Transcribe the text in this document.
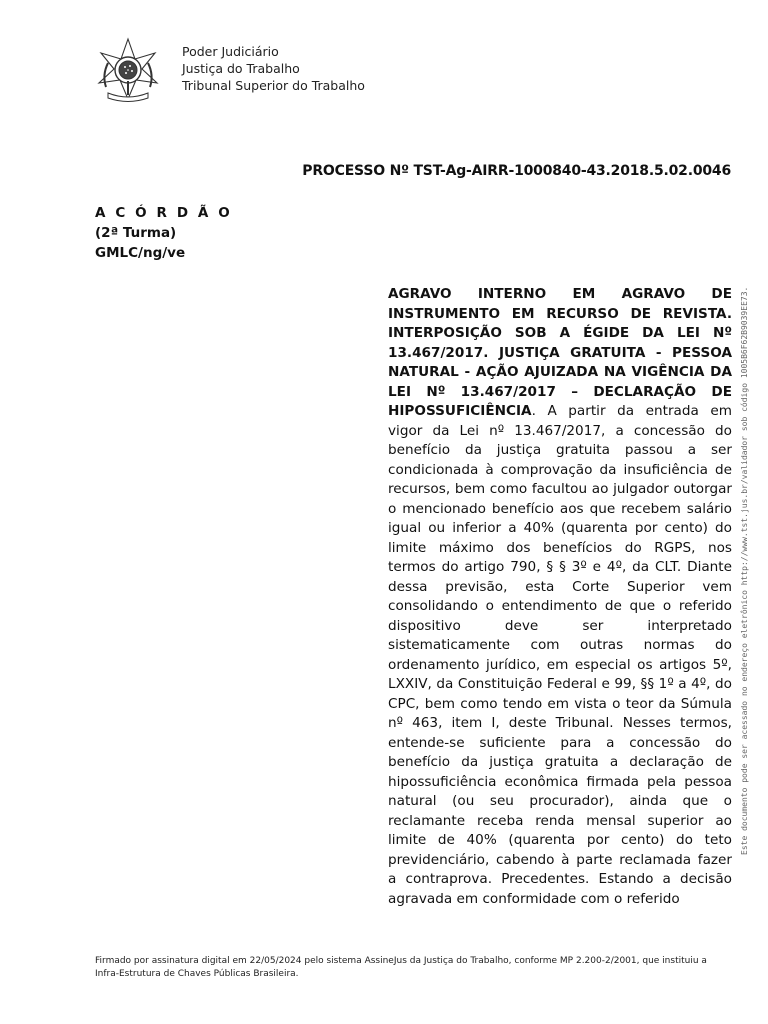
Poder Judiciário
Justiça do Trabalho
Tribunal Superior do Trabalho
PROCESSO Nº TST-Ag-AIRR-1000840-43.2018.5.02.0046
A C Ó R D Ã O
(2ª Turma)
GMLC/ng/ve
AGRAVO INTERNO EM AGRAVO DE INSTRUMENTO EM RECURSO DE REVISTA. INTERPOSIÇÃO SOB A ÉGIDE DA LEI Nº 13.467/2017. JUSTIÇA GRATUITA - PESSOA NATURAL - AÇÃO AJUIZADA NA VIGÊNCIA DA LEI Nº 13.467/2017 – DECLARAÇÃO DE HIPOSSUFICIÊNCIA. A partir da entrada em vigor da Lei nº 13.467/2017, a concessão do benefício da justiça gratuita passou a ser condicionada à comprovação da insuficiência de recursos, bem como facultou ao julgador outorgar o mencionado benefício aos que recebem salário igual ou inferior a 40% (quarenta por cento) do limite máximo dos benefícios do RGPS, nos termos do artigo 790, § § 3º e 4º, da CLT. Diante dessa previsão, esta Corte Superior vem consolidando o entendimento de que o referido dispositivo deve ser interpretado sistematicamente com outras normas do ordenamento jurídico, em especial os artigos 5º, LXXIV, da Constituição Federal e 99, §§ 1º a 4º, do CPC, bem como tendo em vista o teor da Súmula nº 463, item I, deste Tribunal. Nesses termos, entende-se suficiente para a concessão do benefício da justiça gratuita a declaração de hipossuficiência econômica firmada pela pessoa natural (ou seu procurador), ainda que o reclamante receba renda mensal superior ao limite de 40% (quarenta por cento) do teto previdenciário, cabendo à parte reclamada fazer a contraprova. Precedentes. Estando a decisão agravada em conformidade com o referido
Este documento pode ser acessado no endereço eletrônico http://www.tst.jus.br/validador sob código 1005B6F62B9039EE73.
Firmado por assinatura digital em 22/05/2024 pelo sistema AssineJus da Justiça do Trabalho, conforme MP 2.200-2/2001, que instituiu a Infra-Estrutura de Chaves Públicas Brasileira.
